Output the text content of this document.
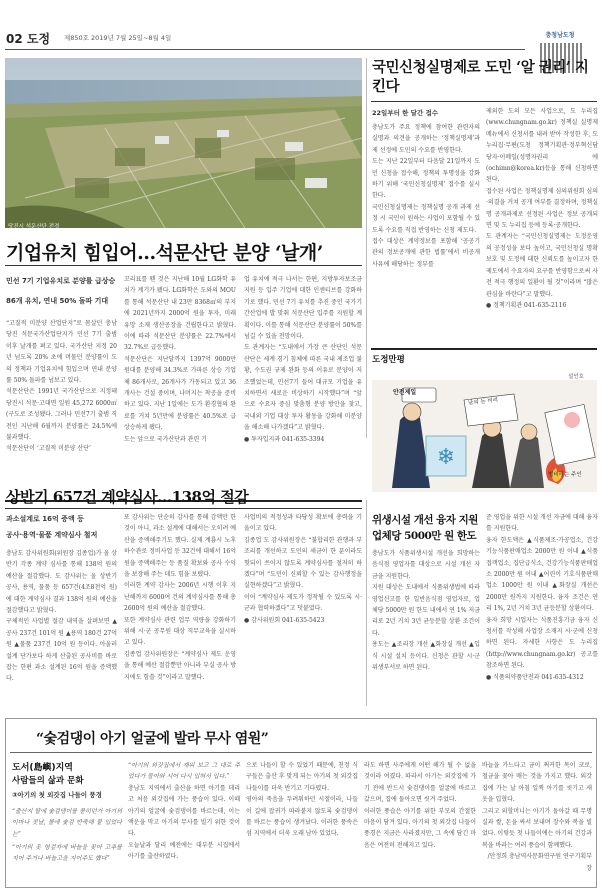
02 도정 제850호 2019년 7월 25일~8월 4일	충청남도청
당진시 석문산단 전경
기업유치 힘입어…석문산단 분양 ‘날개’
민선 7기 기업유치로 분양률 급상승
86개 유치, 연내 50% 돌파 기대

“고질적 미분양 산업단지”로 몸살던 충남 당진 석문국가산업단지가 민선 7기 출범 이후 날개를 펴고 있다. 국가산단 지정 20년 넘도록 20% 초에 머물던 분양률이 도의 정책과 기업유치에 힘입으며 연내 분양률 50% 돌파를 넘보고 있다.

석문산단은 1991년 국가산단으로 지정돼 당진시 석문·고대면 일원 45,272 6000㎡(구도로 조성됐다. 그러나 민선7기 출범 직전인 지난해 6월까지 분양률은 24.5%에 불과했다.

석문산단이 ‘고질적 미분양 산단’

꼬리표를 뗀 것은 지난해 10월 LG화학 유치가 계기가 됐다. LG화학은 도와의 MOU를 통해 석문산단 내 23만 8368㎡의 부지에 2021년까지 2000억 원을 투자, 미래 유망 소재 생산공장을 건립한다고 밝혔다. 이에 따라 석문산단 분양률은 22.7%에서 32.7%로 급등했다.

석문산단은 지난달까지 1397억 9000만 원대를 분양해 34.3%로 가파른 상승 기업체 86개사로, 26개사가 가동되고 있고 36개사는 건설 중이며, 나머지는 착공을 준비하고 있다. 지난 1일에는 도가 환경협의 완료를 거쳐 5년만에 분양률은 40.5%로 급상승하게 됐다.

도는 앞으로 국가산단과 관련 기

업 유치에 적극 나서는 한편, 지방투자보조금 지원 등 입주 기업에 대한 인센티브를 강화하기로 했다. 민선 7기 유치를 추진 중인 국가기간산업에 발 맞춰 석문산단 입주를 지원할 계획이다. 이를 통해 석문산단 분양률이 50%를 넘길 수 있을 전망이다.

도 관계자는 “도내에서 가장 큰 산단인 석문산단은 세계 경기 침체에 따른 국내 제조업 불황, 수도권 규제 완화 등의 이유로 분양이 저조했었는데, 민선7기 들어 대규모 기업을 유치하면서 새로운 비상하기 시작했다”며 “앞으로 수요자 중심 맞춤형 분양 방안을 찾고, 국내외 기업 대상 투자 활동을 강화해 미분양을 해소해 나가겠다”고 밝혔다.

● 투자입지과 041-635-3394

국민신청실명제로 도민 ‘알 권리’ 지킨다
22일부터 한 달간 접수

충남도가 주요 정책에 참여한 관련자의 실명과 의견을 공개하는 ‘정책실명제’과제 선정에 도민의 수요를 반영한다.

도는 지난 22일부터 다음달 21일까지 도민 신청을 접수해, 정책의 투명성을 강화하기 위해 ‘국민신청실명제’ 접수를 실시한다.

국민신청실명제는 정책실명 공개 과제 선정 시 국민이 원하는 사업이 포함될 수 있도록 수요를 직접 반영하는 신청 제도다.

접수 대상은 계약정보를 포함해 ‘공공기관의 정보공개에 관한 법률’에서 비공개 사유에 해당하는 정부를

제외한 도의 모든 사업으로, 도 누리집(www.chungnam.go.kr) 정책실 실명제 메뉴에서 신청서를 내려 받아 작성한 후, 도 누리집·무편(도청 정책기획관·정부혁신담당자·이메일(성명자권리 에(ochimn@korea.kr)등을 통해 신청하면 된다.

접수된 사업은 정책실명제 심의위원회 심의·의결을 거쳐 공개 여부를 결정하며, 정책실명 공개과제로 선정된 사업은 정보 공개되면 및 도 누리집 등에 등록·공개한다.

도 관계자는 “국민신청실명제는 도정운영의 공정성을 보다 높이고, 국민신청실 명확보호 및 도정에 대한 신뢰도를 높이고자 한 제도에서 수요자의 요구를 반영함으로써 사전 적극 행정의 일환이 될 것”이라며 “많은 관심을 바란다”고 말했다.

● 정책기획관 041-635-2116

도정만평
설인호
❄
안전제일
남의 돈 비리
범비리는 주인
상반기 657건 계약심사…138억 절감
과소설계로 16억 증액 등
공사·용역·물품 계약심사 철저

충남도 감사위원회(위원장 김종업)가 올 상반기 각종 계약 심사를 통해 138억 원의 예산을 절감했다. 도 감사위는 올 상반기 공사, 용역, 물품 등 657건(4조8천억 원)에 대한 계약심사 결과 138억 원의 예산을 절감했다고 밝혔다.

구체적인 사업별 절감 내역을 살펴보면 ▲공사 237건 101억 원 ▲용역 180건 27억 원 ▲물품 237건 10억 원 등이다. 아울러 설계 단가보다 하게 산출된 공사비를 바로잡는 한편 과소 설계된 16억 원을 증액했다.

또 감사위는 단순히 감사를 통해 감액만 한 것이 아니, 과소 설계에 대해서는 오히려 예산을 증액해주기도 했다. 실제 계룡시 노후하수관로 정비사업 등 32건에 대해서 16억 원을 증액해주는 등 품질 확보와 공사 수익을 보장해 주는 데도 힘을 보탰다.

이러한 계약 감사는 2006년 시행 이후 지난해까지 6000여 건의 계약심사를 통해 총 2600억 원의 예산을 절감했다.

또한 계약심사 관련 업무 역량을 강화하기 위해 시·군 공무원 대상 직무교육을 실시하고 있다.

김종업 감사위원장은 “계약심사 제도 운영을 통해 예산 절감뿐만 아니라 부실 공사 방지에도 힘쓸 것”이라고 말했다.

사업비의 적정성과 타당성 확보에 총력을 기울이고 있다.

김종업 도 감사위원장은 “불합리한 관행과 부조리를 개선하고 도민의 세금이 한 푼이라도 헛되이 쓰이지 않도록 계약심사를 철저히 하겠다”며 “도민이 신뢰할 수 있는 감사행정을 실현하겠다”고 밝혔다.

이어 “계약심사 제도가 정착될 수 있도록 시·군과 협력하겠다”고 덧붙였다.

● 감사위원회 041-635-5423

위생시설 개선 융자 지원
업체당 5000만 원 한도

충남도가 식품위생시설 개선을 희망하는 음식점 영업자를 대상으로 시설 개선 자금을 지원한다.

지원 대상은 도내에서 식품위생법에 따라 영업신고를 한 일반음식점 영업자로, 업체당 5000만 원 한도 내에서 연 1% 저금리로 2년 거치 3년 균등분할 상환 조건이다.

용도는 ▲조리장 개선 ▲화장실 개선 ▲입식 시설 설치 등이다. 신청은 관할 시·군 위생부서로 하면 된다.

준 영업을 위한 시설 개선 자금에 대해 융자를 지원한다.

융자 한도액은 ▲식품제조·가공업소, 건강기능식품판매업소 2000만 원 이내 ▲식품접객업소, 집단급식소, 건강기능식품판매업소 2000만 원 이내 ▲어린이 기호식품판매업소 1000만 원 이내 ▲화장실 개선은 2000만 원까지 지원한다. 융자 조건은 연리 1%, 2년 거치 3년 균등분할 상환이다.

융자 희망 시업자는 식품진흥기금 융자 신청서를 작성해 사업장 소재지 시·군에 신청하면 된다. 자세한 사항은 도 누리집(http://www.chungnam.go.kr) 공고를 참조하면 된다.

● 식품의약품안전과 041-635-4312

“숯검댕이 아기 얼굴에 발라 무사 염원”
도서(島嶼)지역
사람들의 삶과 문화
③아기의 첫 외갓집 나들이 풍경
“출산지 딸에 숯검댕이를 묻히던가 아기의 이마나 콧날, 볼에 숯검 반죽해 붙 입었다는”
“아기의 옷 헝겊자에 바늘을 꽂아 고추를 지어 주거나 바늘고을 지어주도 했다”

“아기의 외갓집에서 재워 보고 그 대로 주었다가 돌아와 시어 다시 입혀서 입다.”

충남도 지역에서 출산을 하면 아기를 데리고 처음 외갓집에 가는 풍습이 있다. 이때 아기의 얼굴에 숯검댕이를 바르는데, 이는 액운을 막고 아기의 무사를 빌기 위한 것이다.

오늘날과 달리 예전에는 대부분 시집에서 아기를 출산하였다.

으로 나들이 할 수 있었기 때문에, 친정 식구들은 출산 후 맞게 되는 아기의 첫 외갓집 나들이를 더욱 반기고 기다렸다.

영아의 죽음을 두려워하던 시절이라, 나들이 길에 잡귀가 따라붙지 않도록 숯검댕이를 바르는 풍습이 생겨났다. 이러한 풍속은 섬 지역에서 더욱 오래 남아 있었다.

라도 하면 사주에게 어떤 해가 될 수 없을 것이라 여겼다. 따라서 아기는 외갓집에 가기 전에 반드시 숯검댕이를 얼굴에 바르고 갔으며, 집에 돌아오면 씻겨 주었다.

이러한 풍습은 아기를 위한 부모의 간절한 마음이 담겨 있다. 아기의 첫 외갓집 나들이 풍경은 지금은 사라졌지만, 그 속에 담긴 마음은 여전히 전해지고 있다.

바늘을 가느다고 금이 쩌커한 목이 코로, 철금을 꽂아 매는 것을 가지고 했다. 외갓집에 가는 날 아침 일찍 아기를 씻기고 새 옷을 입혔다.

그리고 외할머니는 아기가 돌아갈 때 무명실과 쌀, 돈을 싸서 보내며 장수와 복을 빌었다. 이렇듯 첫 나들이에는 아기의 건강과 복을 바라는 여러 풍습이 함께했다.

/안정희 충남역사문화연구원 연구기획부장
